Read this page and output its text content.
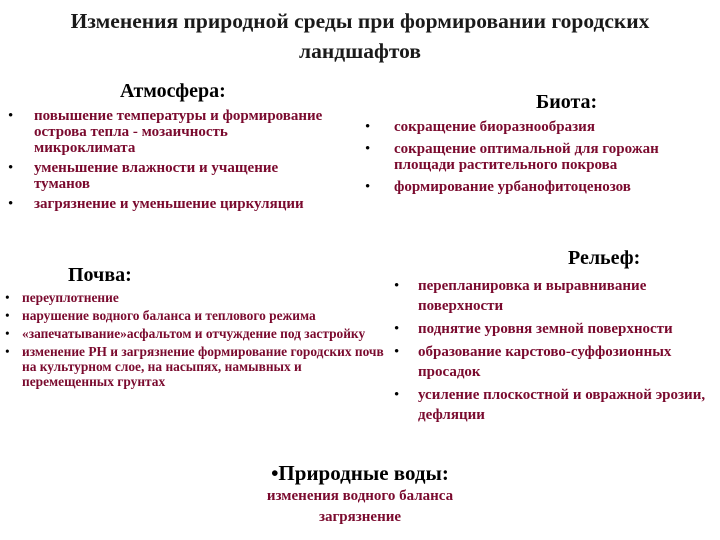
Изменения природной среды при формировании городских
ландшафтов
Атмосфера:
• повышение температуры и формирование острова тепла - мозаичность микроклимата
• уменьшение влажности и учащение туманов
• загрязнение и уменьшение циркуляции
Биота:
• сокращение биоразнообразия
• сокращение оптимальной для горожан площади растительного покрова
• формирование урбанофитоценозов
Почва:
• переуплотнение
• нарушение водного баланса и теплового режима
• «запечатывание»асфальтом и отчуждение под застройку
• изменение РН и загрязнение формирование городских почв на культурном слое, на насыпях, намывных и перемещенных грунтах
Рельеф:
• перепланировка и выравнивание поверхности
• поднятие уровня земной поверхности
• образование карстово-суффозионных просадок
• усиление плоскостной и овражной эрозии, дефляции
•Природные воды:
изменения водного баланса
загрязнение
